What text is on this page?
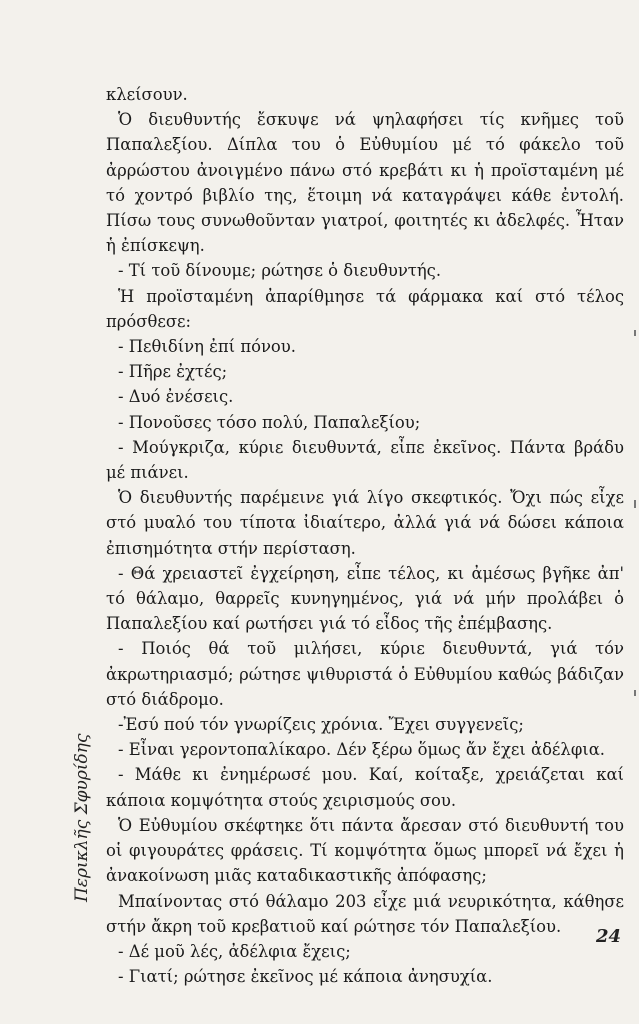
κλείσουν.

Ὁ διευθυντής ἔσκυψε νά ψηλαφήσει τίς κνῆμες τοῦ Παπαλεξίου. Δίπλα του ὁ Εὐθυμίου μέ τό φάκελο τοῦ ἀρρώστου ἀνοιγμένο πάνω στό κρεβάτι κι ἡ προϊσταμένη μέ τό χοντρό βιβλίο της, ἕτοιμη νά καταγράψει κάθε ἐντολή. Πίσω τους συνωθοῦνταν γιατροί, φοιτητές κι ἀδελφές. Ἦταν ἡ ἐπίσκεψη.

- Τί τοῦ δίνουμε; ρώτησε ὁ διευθυντής.

Ἡ προϊσταμένη ἀπαρίθμησε τά φάρμακα καί στό τέλος πρόσθεσε:

- Πεθιδίνη ἐπί πόνου.

- Πῆρε ἐχτές;

- Δυό ἐνέσεις.

- Πονοῦσες τόσο πολύ, Παπαλεξίου;

- Μούγκριζα, κύριε διευθυντά, εἶπε ἐκεῖνος. Πάντα βράδυ μέ πιάνει.

Ὁ διευθυντής παρέμεινε γιά λίγο σκεφτικός. Ὄχι πώς εἶχε στό μυαλό του τίποτα ἰδιαίτερο, ἀλλά γιά νά δώσει κάποια ἐπισημότητα στήν περίσταση.

- Θά χρειαστεῖ ἐγχείρηση, εἶπε τέλος, κι ἀμέσως βγῆκε ἀπ' τό θάλαμο, θαρρεῖς κυνηγημένος, γιά νά μήν προλάβει ὁ Παπαλεξίου καί ρωτήσει γιά τό εἶδος τῆς ἐπέμβασης.

- Ποιός θά τοῦ μιλήσει, κύριε διευθυντά, γιά τόν ἀκρωτηριασμό; ρώτησε ψιθυριστά ὁ Εὐθυμίου καθώς βάδιζαν στό διάδρομο.

-Ἐσύ πού τόν γνωρίζεις χρόνια. Ἔχει συγγενεῖς;

- Εἶναι γεροντοπαλίκαρο. Δέν ξέρω ὅμως ἄν ἔχει ἀδέλφια.

- Μάθε κι ἐνημέρωσέ μου. Καί, κοίταξε, χρειάζεται καί κάποια κομψότητα στούς χειρισμούς σου.

Ὁ Εὐθυμίου σκέφτηκε ὅτι πάντα ἄρεσαν στό διευθυντή του οἱ φιγουράτες φράσεις. Τί κομψότητα ὅμως μπορεῖ νά ἔχει ἡ ἀνακοίνωση μιᾶς καταδικαστικῆς ἀπόφασης;

Μπαίνοντας στό θάλαμο 203 εἶχε μιά νευρικότητα, κάθησε στήν ἄκρη τοῦ κρεβατιοῦ καί ρώτησε τόν Παπαλεξίου.

- Δέ μοῦ λές, ἀδέλφια ἔχεις;

- Γιατί; ρώτησε ἐκεῖνος μέ κάποια ἀνησυχία.

Περικλῆς Σφυρίδης
24
